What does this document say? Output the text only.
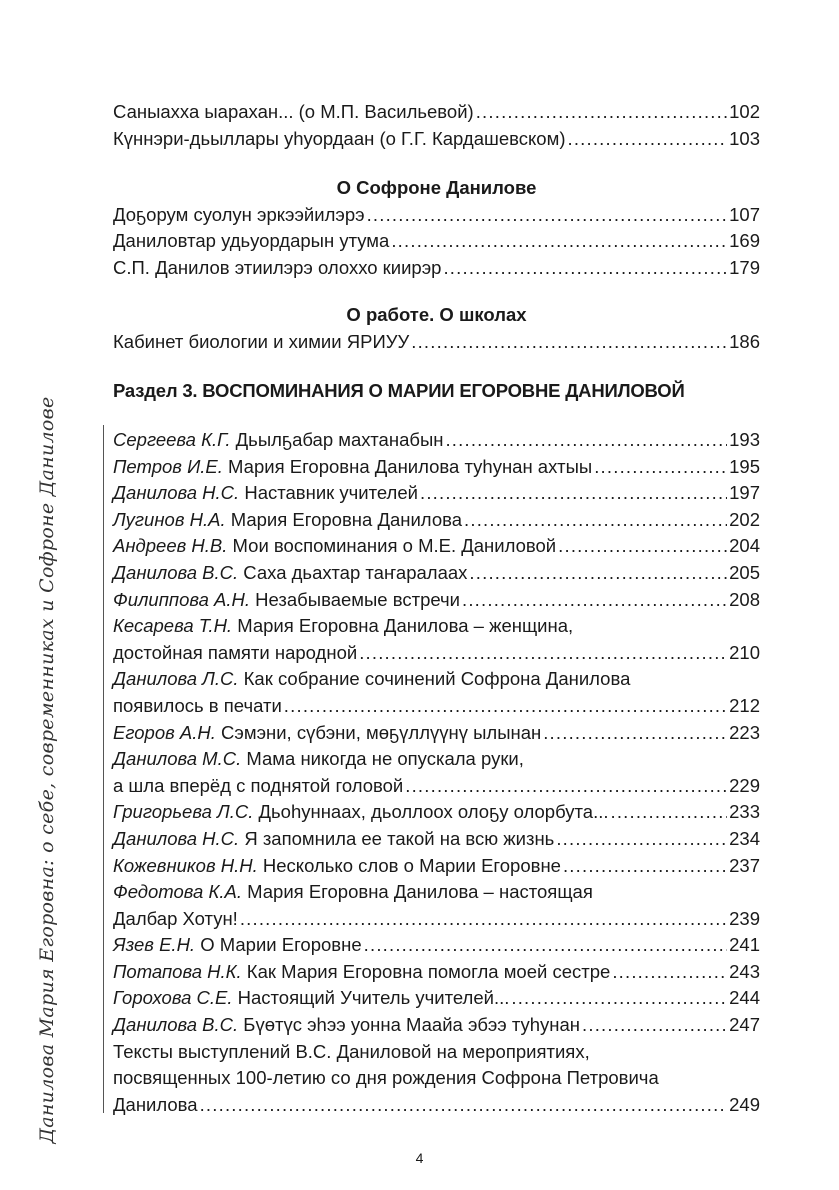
Данилова Мария Егоровна: о себе, современниках и Софроне Данилове
Саныахха ыарахан... (о М.П. Васильевой) .....	102
Күннэри-дьыллары уһуордаан (о Г.Г. Кардашевском) .....	103
О Софроне Данилове
Доҕорум суолун эркээйилэрэ .....	107
Даниловтар удьуордарын утума .....	169
С.П. Данилов этиилэрэ олоххо киирэр .....	179
О работе. О школах
Кабинет биологии и химии ЯРИУУ .....	186
Раздел 3. ВОСПОМИНАНИЯ О МАРИИ ЕГОРОВНЕ ДАНИЛОВОЙ
Сергеева К.Г. Дьылҕабар махтанабын .....	193
Петров И.Е. Мария Егоровна Данилова туһунан ахтыы .....	195
Данилова Н.С. Наставник учителей .....	197
Лугинов Н.А. Мария Егоровна Данилова .....	202
Андреев Н.В. Мои воспоминания о М.Е. Даниловой .....	204
Данилова В.С. Саха дьахтар таҥаралаах .....	205
Филиппова А.Н. Незабываемые встречи .....	208
Кесарева Т.Н. Мария Егоровна Данилова – женщина,
достойная памяти народной .....	210
Данилова Л.С. Как собрание сочинений Софрона Данилова
появилось в печати .....	212
Егоров А.Н. Сэмэни, сүбэни, мөҕүллүүнү ылынан .....	223
Данилова М.С. Мама никогда не опускала руки,
а шла вперёд с поднятой головой .....	229
Григорьева Л.С. Дьоһуннаах, дьоллоох олоҕу олорбута... .....	233
Данилова Н.С. Я запомнила ее такой на всю жизнь .....	234
Кожевников Н.Н. Несколько слов о Марии Егоровне .....	237
Федотова К.А. Мария Егоровна Данилова – настоящая
Далбар Хотун! .....	239
Язев Е.Н. О Марии Егоровне .....	241
Потапова Н.К. Как Мария Егоровна помогла моей сестре .....	243
Горохова С.Е. Настоящий Учитель учителей... .....	244
Данилова В.С. Бүөтүс эһээ уонна Маайа эбээ туһунан .....	247
Тексты выступлений В.С. Даниловой на мероприятиях,
посвященных 100-летию со дня рождения Софрона Петровича
Данилова .....	249
4
